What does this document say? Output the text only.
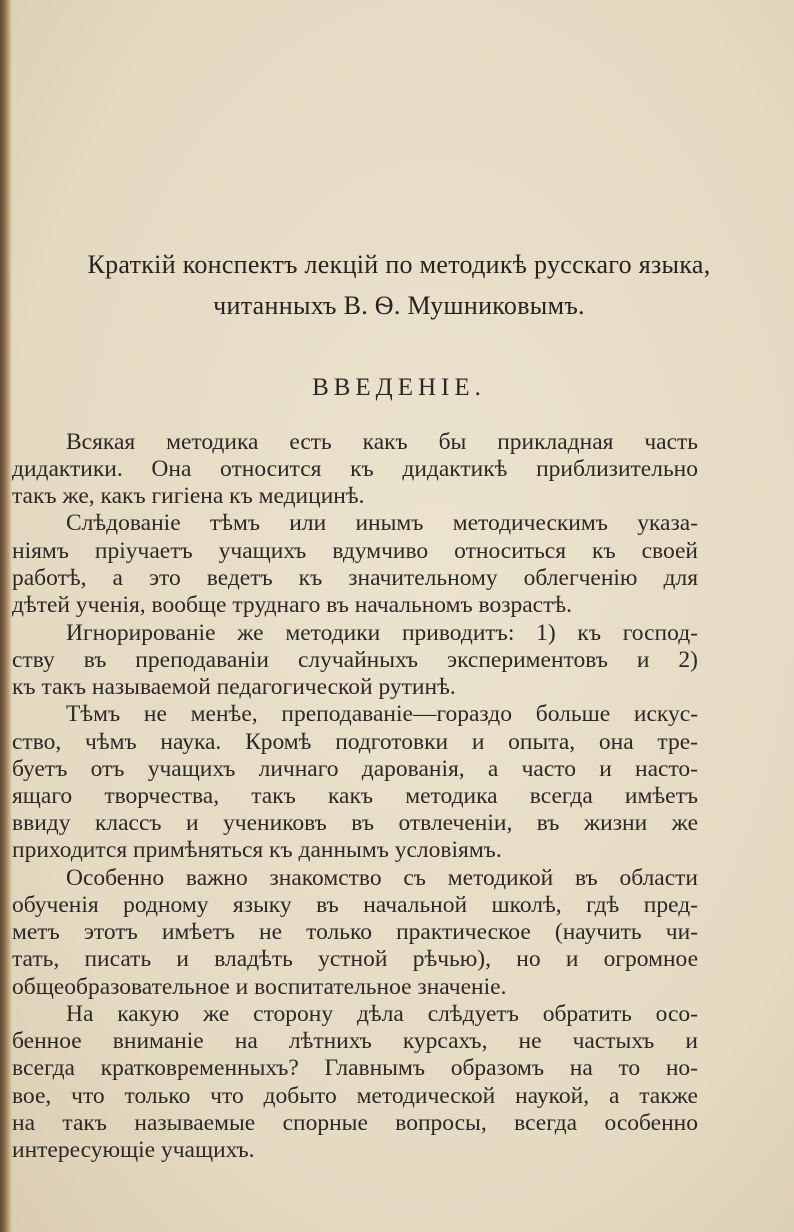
Краткій конспектъ лекцій по методикѣ русскаго языка,
читанныхъ В. Ѳ. Мушниковымъ.
ВВЕДЕНІЕ.
Всякая методика есть какъ бы прикладная часть
дидактики. Она относится къ дидактикѣ приблизительно
такъ же, какъ гигіена къ медицинѣ.
Слѣдованіе тѣмъ или инымъ методическимъ указа-
ніямъ пріучаетъ учащихъ вдумчиво относиться къ своей
работѣ, а это ведетъ къ значительному облегченію для
дѣтей ученія, вообще труднаго въ начальномъ возрастѣ.
Игнорированіе же методики приводитъ: 1) къ господ-
ству въ преподаваніи случайныхъ экспериментовъ и 2)
къ такъ называемой педагогической рутинѣ.
Тѣмъ не менѣе, преподаваніе—гораздо больше искус-
ство, чѣмъ наука. Кромѣ подготовки и опыта, она тре-
буетъ отъ учащихъ личнаго дарованія, а часто и насто-
ящаго творчества, такъ какъ методика всегда имѣетъ
ввиду классъ и учениковъ въ отвлеченіи, въ жизни же
приходится примѣняться къ даннымъ условіямъ.
Особенно важно знакомство съ методикой въ области
обученія родному языку въ начальной школѣ, гдѣ пред-
метъ этотъ имѣетъ не только практическое (научить чи-
тать, писать и владѣть устной рѣчью), но и огромное
общеобразовательное и воспитательное значеніе.
На какую же сторону дѣла слѣдуетъ обратить осо-
бенное вниманіе на лѣтнихъ курсахъ, не частыхъ и
всегда кратковременныхъ? Главнымъ образомъ на то но-
вое, что только что добыто методической наукой, а также
на такъ называемые спорные вопросы, всегда особенно
интересующіе учащихъ.
